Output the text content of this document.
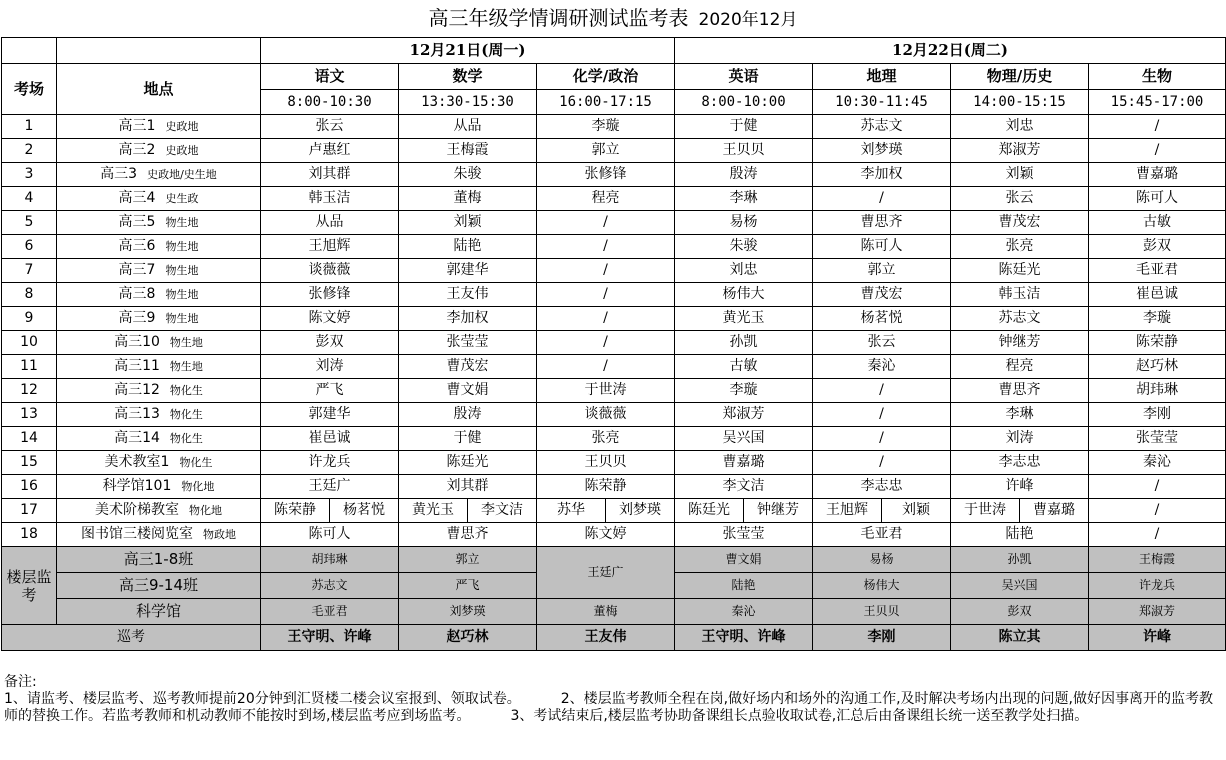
高三年级学情调研测试监考表 2020年12月
		12月21日(周一)			12月22日(周二)			
考场	地点	语文	数学	化学/政治	英语	地理	物理/历史	生物
		8:00-10:30	13:30-15:30	16:00-17:15	8:00-10:00	10:30-11:45	14:00-15:15	15:45-17:00
1	高三1 史政地	张云	从品	李璇	于健	苏志文	刘忠	/
2	高三2 史政地	卢惠红	王梅霞	郭立	王贝贝	刘梦瑛	郑淑芳	/
3	高三3 史政地/史生地	刘其群	朱骏	张修锋	殷涛	李加权	刘颖	曹嘉璐
4	高三4 史生政	韩玉洁	董梅	程亮	李琳	/	张云	陈可人
5	高三5 物生地	从品	刘颖	/	易杨	曹思齐	曹茂宏	古敏
6	高三6 物生地	王旭辉	陆艳	/	朱骏	陈可人	张亮	彭双
7	高三7 物生地	谈薇薇	郭建华	/	刘忠	郭立	陈廷光	毛亚君
8	高三8 物生地	张修锋	王友伟	/	杨伟大	曹茂宏	韩玉洁	崔邑诚
9	高三9 物生地	陈文婷	李加权	/	黄光玉	杨茗悦	苏志文	李璇
10	高三10 物生地	彭双	张莹莹	/	孙凯	张云	钟继芳	陈荣静
11	高三11 物生地	刘涛	曹茂宏	/	古敏	秦沁	程亮	赵巧林
12	高三12 物化生	严飞	曹文娟	于世涛	李璇	/	曹思齐	胡玮琳
13	高三13 物化生	郭建华	殷涛	谈薇薇	郑淑芳	/	李琳	李刚
14	高三14 物化生	崔邑诚	于健	张亮	吴兴国	/	刘涛	张莹莹
15	美术教室1 物化生	许龙兵	陈廷光	王贝贝	曹嘉璐	/	李志忠	秦沁
16	科学馆101 物化地	王廷广	刘其群	陈荣静	李文洁	李志忠	许峰	/
17	美术阶梯教室 物化地	陈荣静 杨茗悦	黄光玉 李文洁	苏华 刘梦瑛	陈廷光 钟继芳	王旭辉 刘颖	于世涛 曹嘉璐	/
18	图书馆三楼阅览室 物政地	陈可人	曹思齐	陈文婷	张莹莹	毛亚君	陆艳	/
楼层监考	高三1-8班	胡玮琳	郭立	王廷广	曹文娟	易杨	孙凯	王梅霞
	高三9-14班	苏志文	严飞		陆艳	杨伟大	吴兴国	许龙兵
	科学馆	毛亚君	刘梦瑛	董梅	秦沁	王贝贝	彭双	郑淑芳
巡考		王守明、许峰	赵巧林	王友伟	王守明、许峰	李刚	陈立其	许峰
备注:
1、请监考、楼层监考、巡考教师提前20分钟到汇贤楼二楼会议室报到、领取试卷。	2、楼层监考教师全程在岗,做好场内和场外的沟通工作,及时解决考场内出现的问题,做好因事离开的监考教师的替换工作。若监考教师和机动教师不能按时到场,楼层监考应到场监考。	3、考试结束后,楼层监考协助备课组长点验收取试卷,汇总后由备课组长统一送至教学处扫描。
